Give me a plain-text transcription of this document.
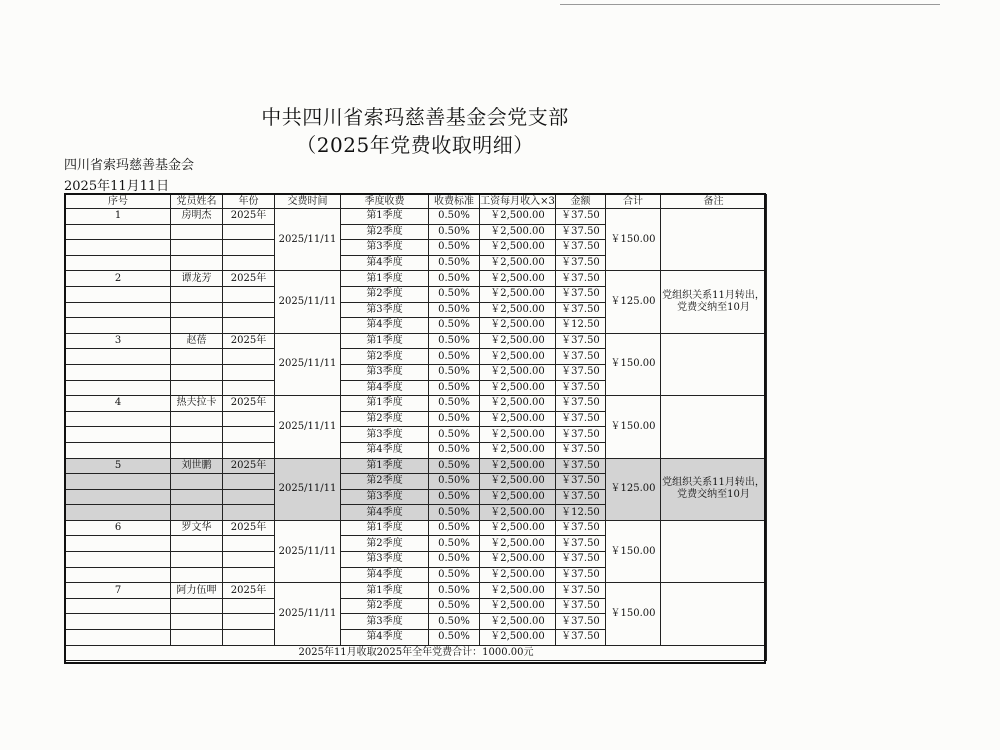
中共四川省索玛慈善基金会党支部
（2025年党费收取明细）
四川省索玛慈善基金会
2025年11月11日
序号	党员姓名	年份	交费时间	季度收费	收费标准	工资每月收入×3	金额	合计	备注
1	房明杰	2025年	2025/11/11	第1季度	0.50%	￥2,500.00	￥37.50	￥150.00	
				第2季度	0.50%	￥2,500.00	￥37.50		
				第3季度	0.50%	￥2,500.00	￥37.50		
				第4季度	0.50%	￥2,500.00	￥37.50		
2	谭龙芳	2025年	2025/11/11	第1季度	0.50%	￥2,500.00	￥37.50	￥125.00	党组织关系11月转出，党费交纳至10月
				第2季度	0.50%	￥2,500.00	￥37.50		
				第3季度	0.50%	￥2,500.00	￥37.50		
				第4季度	0.50%	￥2,500.00	￥12.50		
3	赵蓓	2025年	2025/11/11	第1季度	0.50%	￥2,500.00	￥37.50	￥150.00	
				第2季度	0.50%	￥2,500.00	￥37.50		
				第3季度	0.50%	￥2,500.00	￥37.50		
				第4季度	0.50%	￥2,500.00	￥37.50		
4	热夫拉卡	2025年	2025/11/11	第1季度	0.50%	￥2,500.00	￥37.50	￥150.00	
				第2季度	0.50%	￥2,500.00	￥37.50		
				第3季度	0.50%	￥2,500.00	￥37.50		
				第4季度	0.50%	￥2,500.00	￥37.50		
5	刘世鹏	2025年	2025/11/11	第1季度	0.50%	￥2,500.00	￥37.50	￥125.00	党组织关系11月转出，党费交纳至10月
				第2季度	0.50%	￥2,500.00	￥37.50		
				第3季度	0.50%	￥2,500.00	￥37.50		
				第4季度	0.50%	￥2,500.00	￥12.50		
6	罗文华	2025年	2025/11/11	第1季度	0.50%	￥2,500.00	￥37.50	￥150.00	
				第2季度	0.50%	￥2,500.00	￥37.50		
				第3季度	0.50%	￥2,500.00	￥37.50		
				第4季度	0.50%	￥2,500.00	￥37.50		
7	阿力伍呷	2025年	2025/11/11	第1季度	0.50%	￥2,500.00	￥37.50	￥150.00	
				第2季度	0.50%	￥2,500.00	￥37.50		
				第3季度	0.50%	￥2,500.00	￥37.50		
				第4季度	0.50%	￥2,500.00	￥37.50		
2025年11月收取2025年全年党费合计：1000.00元									
